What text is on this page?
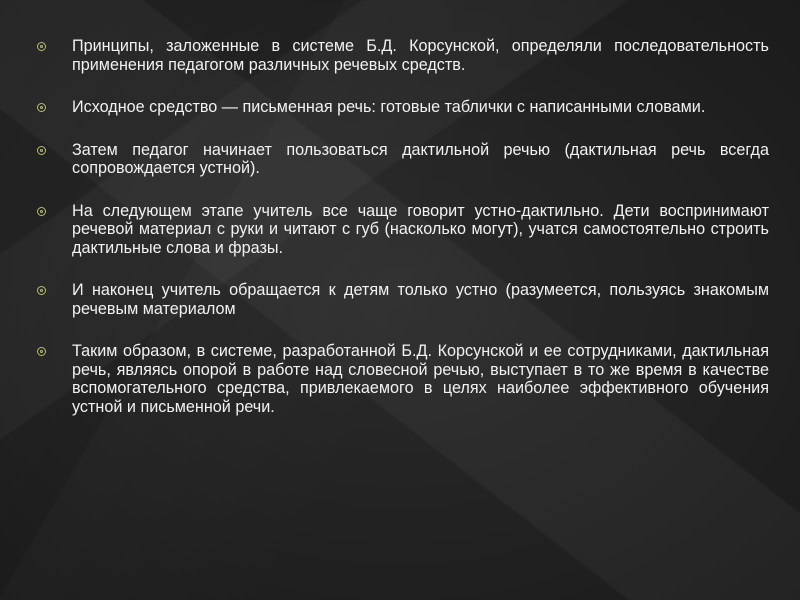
Принципы, заложенные в системе Б.Д. Корсунской, определяли последовательность применения педагогом различных речевых средств.
Исходное средство — письменная речь: готовые таблички с написанными словами.
Затем педагог начинает пользоваться дактильной речью (дактильная речь всегда сопровождается устной).
На следующем этапе учитель все чаще говорит устно-дактильно. Дети воспринимают речевой материал с руки и читают с губ (насколько могут), учатся самостоятельно строить дактильные слова и фразы.
И наконец учитель обращается к детям только устно (разумеется, пользуясь знакомым речевым материалом
Таким образом, в системе, разработанной Б.Д. Корсунской и ее сотрудниками, дактильная речь, являясь опорой в работе над словесной речью, выступает в то же время в качестве вспомогательного средства, привлекаемого в целях наиболее эффективного обучения устной и письменной речи.
